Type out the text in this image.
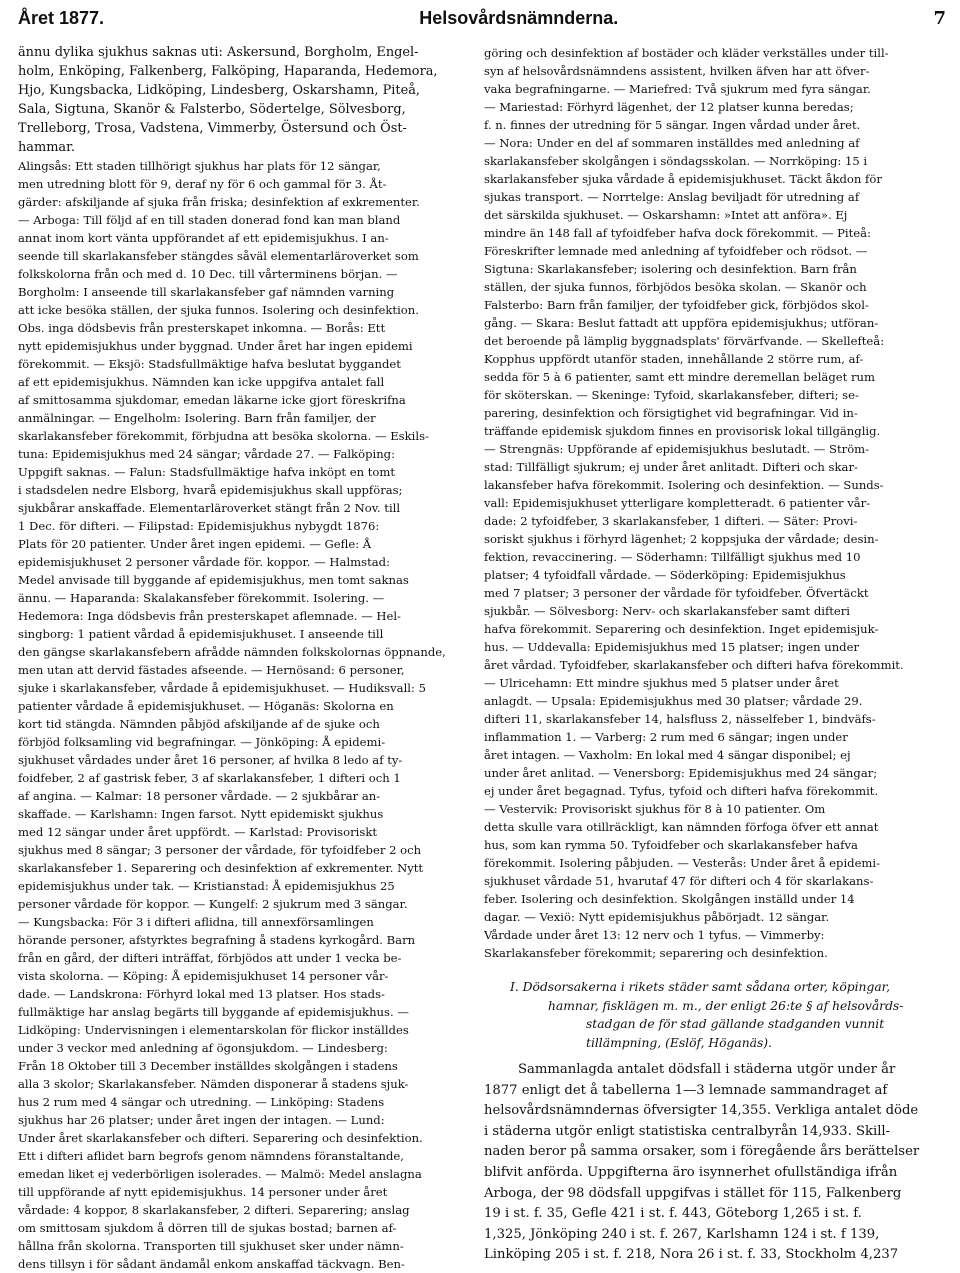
Året 1877.	Helsovårdsnämnderna.	7

ännu dylika sjukhus saknas uti: Askersund, Borgholm, Engel-

holm, Enköping, Falkenberg, Falköping, Haparanda, Hedemora,

Hjo, Kungsbacka, Lidköping, Lindesberg, Oskarshamn, Piteå,

Sala, Sigtuna, Skanör & Falsterbo, Södertelge, Sölvesborg,

Trelleborg, Trosa, Vadstena, Vimmerby, Östersund och Öst-

hammar.

Alingsås: Ett staden tillhörigt sjukhus har plats för 12 sängar,

men utredning blott för 9, deraf ny för 6 och gammal för 3. Åt-

gärder: afskiljande af sjuka från friska; desinfektion af exkrementer.

— Arboga: Till följd af en till staden donerad fond kan man bland

annat inom kort vänta uppförandet af ett epidemisjukhus. I an-

seende till skarlakansfeber stängdes såväl elementarläroverket som

folkskolorna från och med d. 10 Dec. till vårterminens början. —

Borgholm: I anseende till skarlakansfeber gaf nämnden varning

att icke besöka ställen, der sjuka funnos. Isolering och desinfektion.

Obs. inga dödsbevis från presterskapet inkomna. — Borås: Ett

nytt epidemisjukhus under byggnad. Under året har ingen epidemi

förekommit. — Eksjö: Stadsfullmäktige hafva beslutat byggandet

af ett epidemisjukhus. Nämnden kan icke uppgifva antalet fall

af smittosamma sjukdomar, emedan läkarne icke gjort föreskrifna

anmälningar. — Engelholm: Isolering. Barn från familjer, der

skarlakansfeber förekommit, förbjudna att besöka skolorna. — Eskils-

tuna: Epidemisjukhus med 24 sängar; vårdade 27. — Falköping:

Uppgift saknas. — Falun: Stadsfullmäktige hafva inköpt en tomt

i stadsdelen nedre Elsborg, hvarå epidemisjukhus skall uppföras;

sjukbårar anskaffade. Elementarläroverket stängt från 2 Nov. till

1 Dec. för difteri. — Filipstad: Epidemisjukhus nybygdt 1876:

Plats för 20 patienter. Under året ingen epidemi. — Gefle: Å

epidemisjukhuset 2 personer vårdade för. koppor. — Halmstad:

Medel anvisade till byggande af epidemisjukhus, men tomt saknas

ännu. — Haparanda: Skalakansfeber förekommit. Isolering. —

Hedemora: Inga dödsbevis från presterskapet aflemnade. — Hel-

singborg: 1 patient vårdad å epidemisjukhuset. I anseende till

den gängse skarlakansfebern afrådde nämnden folkskolornas öppnande,

men utan att dervid fästades afseende. — Hernösand: 6 personer,

sjuke i skarlakansfeber, vårdade å epidemisjukhuset. — Hudiksvall: 5

patienter vårdade å epidemisjukhuset. — Höganäs: Skolorna en

kort tid stängda. Nämnden påbjöd afskiljande af de sjuke och

förbjöd folksamling vid begrafningar. — Jönköping: Å epidemi-

sjukhuset vårdades under året 16 personer, af hvilka 8 ledo af ty-

foidfeber, 2 af gastrisk feber, 3 af skarlakansfeber, 1 difteri och 1

af angina. — Kalmar: 18 personer vårdade. — 2 sjukbårar an-

skaffade. — Karlshamn: Ingen farsot. Nytt epidemiskt sjukhus

med 12 sängar under året uppfördt. — Karlstad: Provisoriskt

sjukhus med 8 sängar; 3 personer der vårdade, för tyfoidfeber 2 och

skarlakansfeber 1. Separering och desinfektion af exkrementer. Nytt

epidemisjukhus under tak. — Kristianstad: Å epidemisjukhus 25

personer vårdade för koppor. — Kungelf: 2 sjukrum med 3 sängar.

— Kungsbacka: För 3 i difteri aflidna, till annexförsamlingen

hörande personer, afstyrktes begrafning å stadens kyrkogård. Barn

från en gård, der difteri inträffat, förbjödos att under 1 vecka be-

vista skolorna. — Köping: Å epidemisjukhuset 14 personer vår-

dade. — Landskrona: Förhyrd lokal med 13 platser. Hos stads-

fullmäktige har anslag begärts till byggande af epidemisjukhus. —

Lidköping: Undervisningen i elementarskolan för flickor inställdes

under 3 veckor med anledning af ögonsjukdom. — Lindesberg:

Från 18 Oktober till 3 December inställdes skolgången i stadens

alla 3 skolor; Skarlakansfeber. Nämden disponerar å stadens sjuk-

hus 2 rum med 4 sängar och utredning. — Linköping: Stadens

sjukhus har 26 platser; under året ingen der intagen. — Lund:

Under året skarlakansfeber och difteri. Separering och desinfektion.

Ett i difteri aflidet barn begrofs genom nämndens föranstaltande,

emedan liket ej vederbörligen isolerades. — Malmö: Medel anslagna

till uppförande af nytt epidemisjukhus. 14 personer under året

vårdade: 4 koppor, 8 skarlakansfeber, 2 difteri. Separering; anslag

om smittosam sjukdom å dörren till de sjukas bostad; barnen af-

hållna från skolorna. Transporten till sjukhuset sker under nämn-

dens tillsyn i för sådant ändamål enkom anskaffad täckvagn. Ben-

göring och desinfektion af bostäder och kläder verkställes under till-

syn af helsovårdsnämndens assistent, hvilken äfven har att öfver-

vaka begrafningarne. — Mariefred: Två sjukrum med fyra sängar.

— Mariestad: Förhyrd lägenhet, der 12 platser kunna beredas;

f. n. finnes der utredning för 5 sängar. Ingen vårdad under året.

— Nora: Under en del af sommaren inställdes med anledning af

skarlakansfeber skolgången i söndagsskolan. — Norrköping: 15 i

skarlakansfeber sjuka vårdade å epidemisjukhuset. Täckt åkdon för

sjukas transport. — Norrtelge: Anslag beviljadt för utredning af

det särskilda sjukhuset. — Oskarshamn: »Intet att anföra». Ej

mindre än 148 fall af tyfoidfeber hafva dock förekommit. — Piteå:

Föreskrifter lemnade med anledning af tyfoidfeber och rödsot. —

Sigtuna: Skarlakansfeber; isolering och desinfektion. Barn från

ställen, der sjuka funnos, förbjödos besöka skolan. — Skanör och

Falsterbo: Barn från familjer, der tyfoidfeber gick, förbjödos skol-

gång. — Skara: Beslut fattadt att uppföra epidemisjukhus; utföran-

det beroende på lämplig byggnadsplats' förvärfvande. — Skellefteå:

Kopphus uppfördt utanför staden, innehållande 2 större rum, af-

sedda för 5 à 6 patienter, samt ett mindre deremellan beläget rum

för sköterskan. — Skeninge: Tyfoid, skarlakansfeber, difteri; se-

parering, desinfektion och försigtighet vid begrafningar. Vid in-

träffande epidemisk sjukdom finnes en provisorisk lokal tillgänglig.

— Strengnäs: Uppförande af epidemisjukhus beslutadt. — Ström-

stad: Tillfälligt sjukrum; ej under året anlitadt. Difteri och skar-

lakansfeber hafva förekommit. Isolering och desinfektion. — Sunds-

vall: Epidemisjukhuset ytterligare kompletteradt. 6 patienter vår-

dade: 2 tyfoidfeber, 3 skarlakansfeber, 1 difteri. — Säter: Provi-

soriskt sjukhus i förhyrd lägenhet; 2 koppsjuka der vårdade; desin-

fektion, revaccinering. — Söderhamn: Tillfälligt sjukhus med 10

platser; 4 tyfoidfall vårdade. — Söderköping: Epidemisjukhus

med 7 platser; 3 personer der vårdade för tyfoidfeber. Öfvertäckt

sjukbår. — Sölvesborg: Nerv- och skarlakansfeber samt difteri

hafva förekommit. Separering och desinfektion. Inget epidemisjuk-

hus. — Uddevalla: Epidemisjukhus med 15 platser; ingen under

året vårdad. Tyfoidfeber, skarlakansfeber och difteri hafva förekommit.

— Ulricehamn: Ett mindre sjukhus med 5 platser under året

anlagdt. — Upsala: Epidemisjukhus med 30 platser; vårdade 29.

difteri 11, skarlakansfeber 14, halsfluss 2, nässelfeber 1, bindväfs-

inflammation 1. — Varberg: 2 rum med 6 sängar; ingen under

året intagen. — Vaxholm: En lokal med 4 sängar disponibel; ej

under året anlitad. — Venersborg: Epidemisjukhus med 24 sängar;

ej under året begagnad. Tyfus, tyfoid och difteri hafva förekommit.

— Vestervik: Provisoriskt sjukhus för 8 à 10 patienter. Om

detta skulle vara otillräckligt, kan nämnden förfoga öfver ett annat

hus, som kan rymma 50. Tyfoidfeber och skarlakansfeber hafva

förekommit. Isolering påbjuden. — Vesterås: Under året å epidemi-

sjukhuset vårdade 51, hvarutaf 47 för difteri och 4 för skarlakans-

feber. Isolering och desinfektion. Skolgången inställd under 14

dagar. — Vexiö: Nytt epidemisjukhus påbörjadt. 12 sängar.

Vårdade under året 13: 12 nerv och 1 tyfus. — Vimmerby:

Skarlakansfeber förekommit; separering och desinfektion.

I. Dödsorsakerna i rikets städer samt sådana orter, köpingar,

hamnar, fisklägen m. m., der enligt 26:te § af helsovårds-

stadgan de för stad gällande stadganden vunnit

tillämpning, (Eslöf, Höganäs).

Sammanlagda antalet dödsfall i städerna utgör under år

1877 enligt det å tabellerna 1—3 lemnade sammandraget af

helsovårdsnämndernas öfversigter 14,355. Verkliga antalet döde

i städerna utgör enligt statistiska centralbyrån 14,933. Skill-

naden beror på samma orsaker, som i föregående års berättelser

blifvit anförda. Uppgifterna äro isynnerhet ofullständiga ifrån

Arboga, der 98 dödsfall uppgifvas i stället för 115, Falkenberg

19 i st. f. 35, Gefle 421 i st. f. 443, Göteborg 1,265 i st. f.

1,325, Jönköping 240 i st. f. 267, Karlshamn 124 i st. f 139,

Linköping 205 i st. f. 218, Nora 26 i st. f. 33, Stockholm 4,237
